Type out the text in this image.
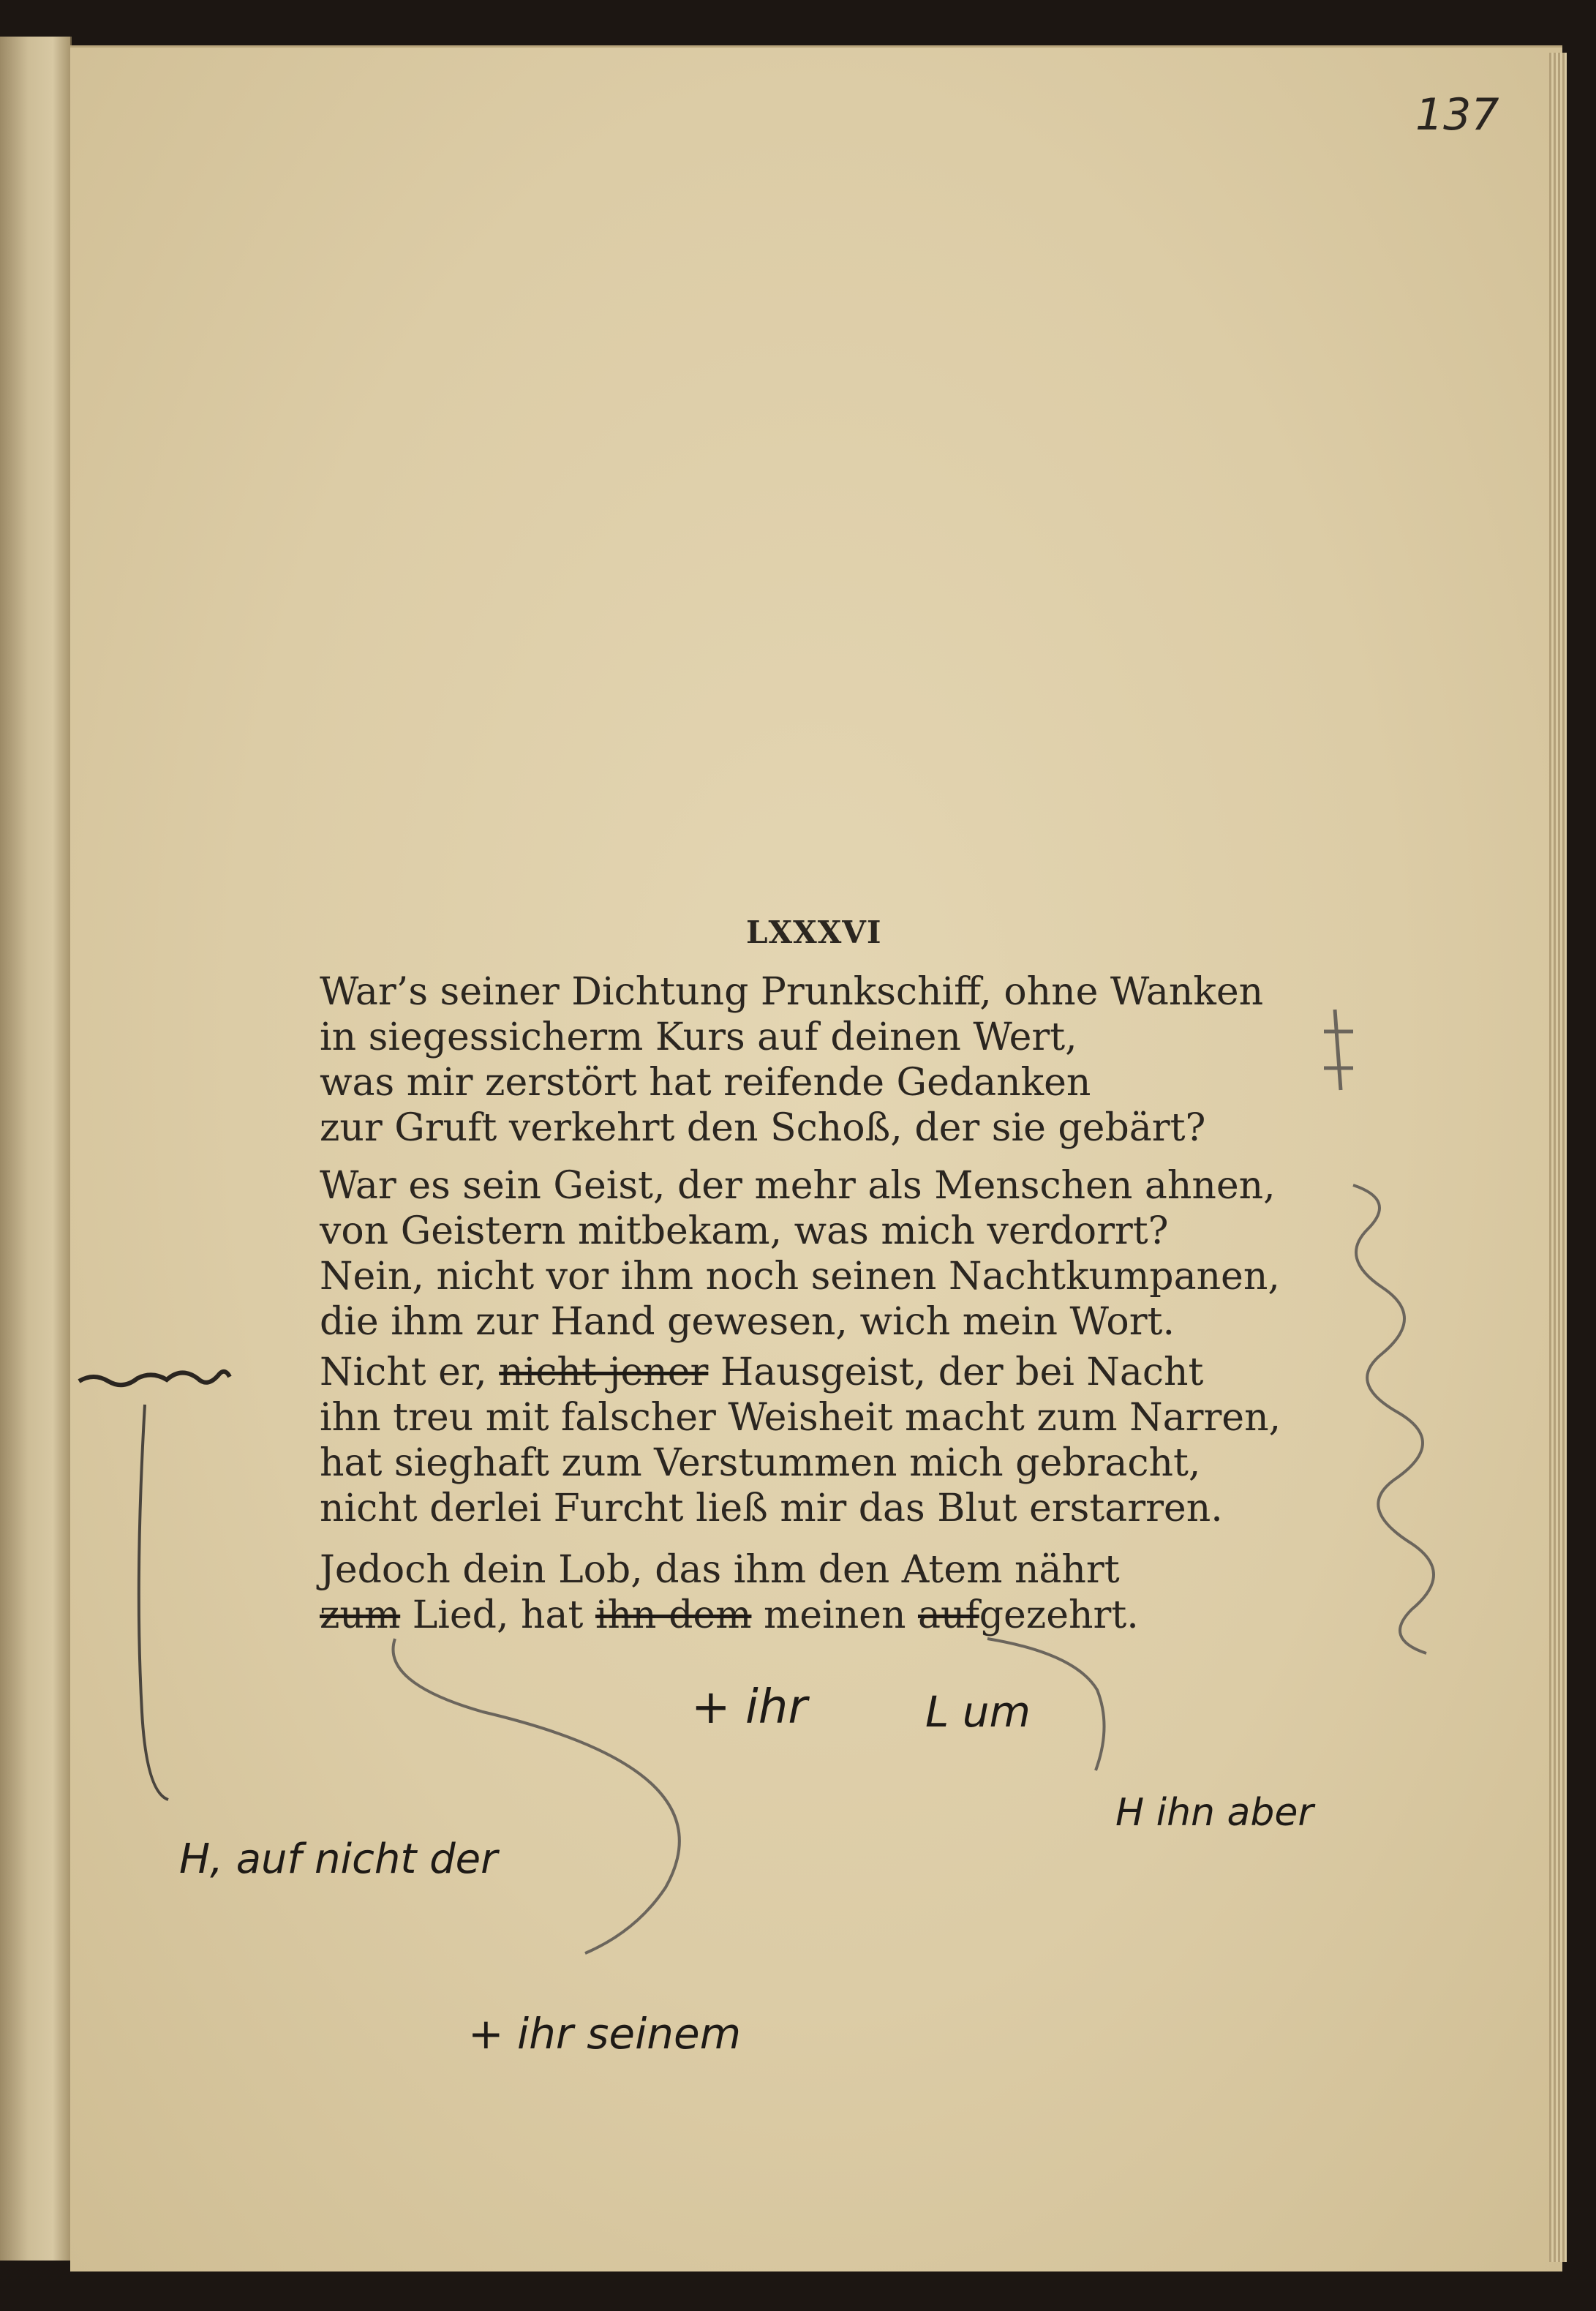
137
LXXXVI
War’s seiner Dichtung Prunkschiff, ohne Wanken
in siegessicherm Kurs auf deinen Wert,
was mir zerstört hat reifende Gedanken
zur Gruft verkehrt den Schoß, der sie gebärt?
War es sein Geist, der mehr als Menschen ahnen,
von Geistern mitbekam, was mich verdorrt?
Nein, nicht vor ihm noch seinen Nachtkumpanen,
die ihm zur Hand gewesen, wich mein Wort.
Nicht er, nicht jener Hausgeist, der bei Nacht
ihn treu mit falscher Weisheit macht zum Narren,
hat sieghaft zum Verstummen mich gebracht,
nicht derlei Furcht ließ mir das Blut erstarren.
Jedoch dein Lob, das ihm den Atem nährt
zum Lied, hat ihn dem meinen aufgezehrt.
+ ihr	L um
H, auf nicht der
H ihn aber
+ ihr seinem
